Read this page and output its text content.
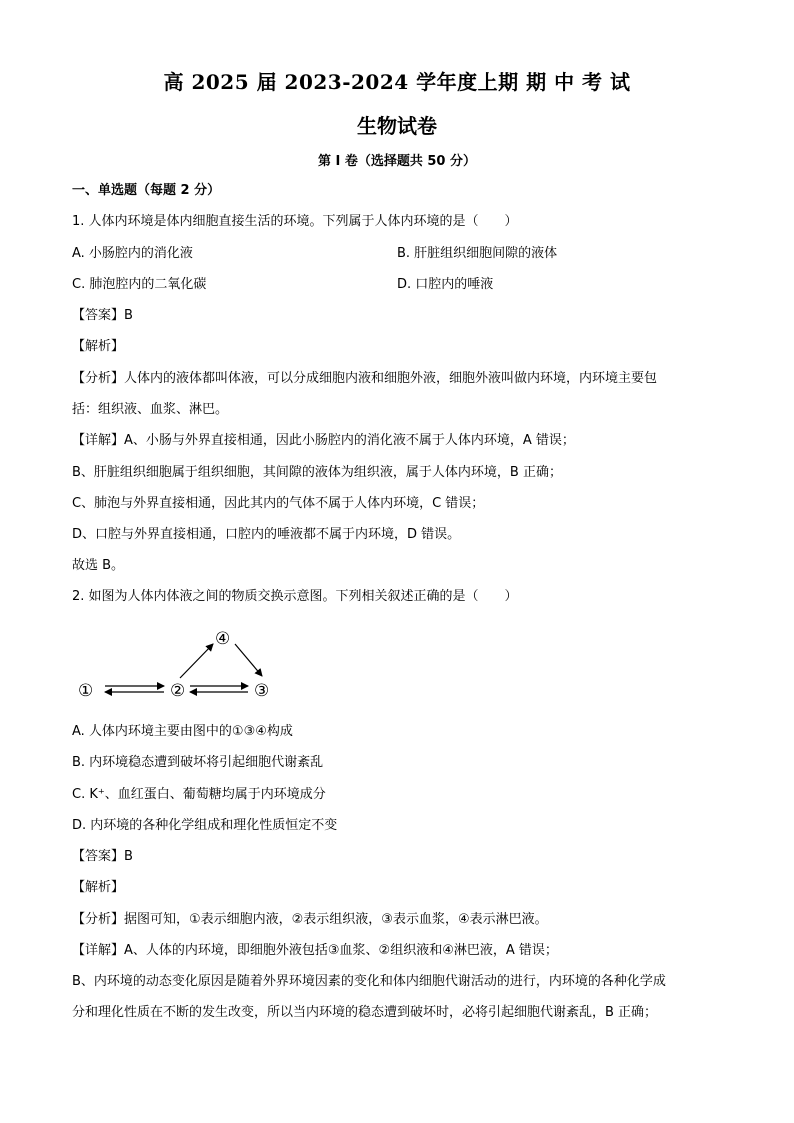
高 2025 届 2023-2024 学年度上期 期 中 考 试
生物试卷
第 I 卷（选择题共 50 分）
一、单选题（每题 2 分）
1. 人体内环境是体内细胞直接生活的环境。下列属于人体内环境的是（　　）
A. 小肠腔内的消化液	B. 肝脏组织细胞间隙的液体
C. 肺泡腔内的二氧化碳	D. 口腔内的唾液
【答案】B
【解析】
【分析】人体内的液体都叫体液，可以分成细胞内液和细胞外液，细胞外液叫做内环境，内环境主要包
括：组织液、血浆、淋巴。
【详解】A、小肠与外界直接相通，因此小肠腔内的消化液不属于人体内环境，A 错误；
B、肝脏组织细胞属于组织细胞，其间隙的液体为组织液，属于人体内环境，B 正确；
C、肺泡与外界直接相通，因此其内的气体不属于人体内环境，C 错误；
D、口腔与外界直接相通，口腔内的唾液都不属于内环境，D 错误。
故选 B。
2. 如图为人体内体液之间的物质交换示意图。下列相关叙述正确的是（　　）
①	②	③
④
A. 人体内环境主要由图中的①③④构成
B. 内环境稳态遭到破坏将引起细胞代谢紊乱
C. K⁺、血红蛋白、葡萄糖均属于内环境成分
D. 内环境的各种化学组成和理化性质恒定不变
【答案】B
【解析】
【分析】据图可知，①表示细胞内液，②表示组织液，③表示血浆，④表示淋巴液。
【详解】A、人体的内环境，即细胞外液包括③血浆、②组织液和④淋巴液，A 错误；
B、内环境的动态变化原因是随着外界环境因素的变化和体内细胞代谢活动的进行，内环境的各种化学成
分和理化性质在不断的发生改变，所以当内环境的稳态遭到破坏时，必将引起细胞代谢紊乱，B 正确；
